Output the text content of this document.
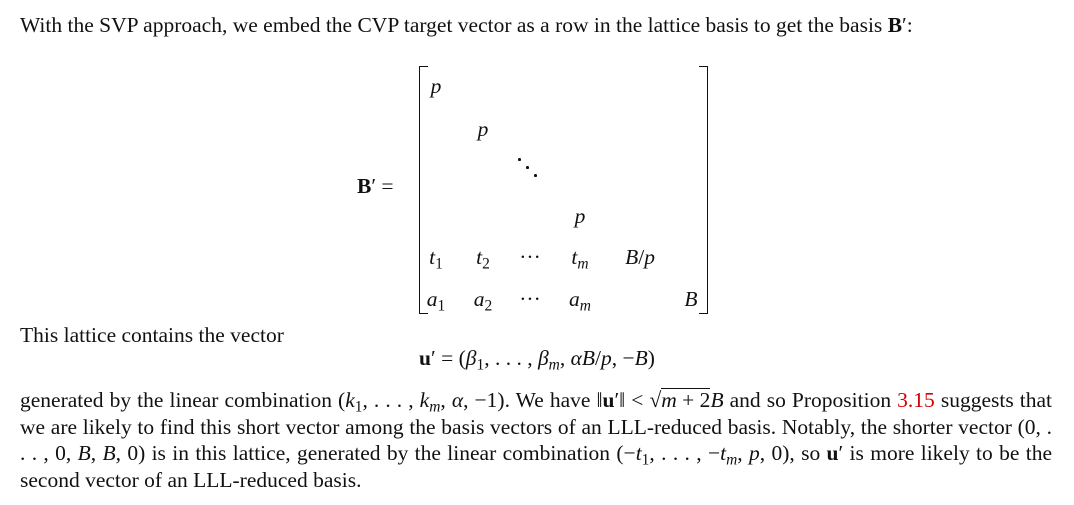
With the SVP approach, we embed the CVP target vector as a row in the lattice basis to get the basis B′:
B′ =
p
p
p
$t_1$ $t_2$ ··· $t_m$ B/p
$a_1$ $a_2$ ··· $a_m$	B
This lattice contains the vector
$u' = (\beta_1$, . . . , $\beta_m$, αB/p, −B)
generated by the linear combination ($k_1$, . . . , $k_m$, α, −1). We have ‖u′‖ < √m + 2B and so Proposition 3.15 suggests that we are likely to find this short vector among the basis vectors of an LLL-reduced basis. Notably, the shorter vector (0, . . . , 0, B, B, 0) is in this lattice, generated by the linear combination ($-t_1$, . . . , $-t_m$, p, 0), so u′ is more likely to be the second vector of an LLL-reduced basis.
